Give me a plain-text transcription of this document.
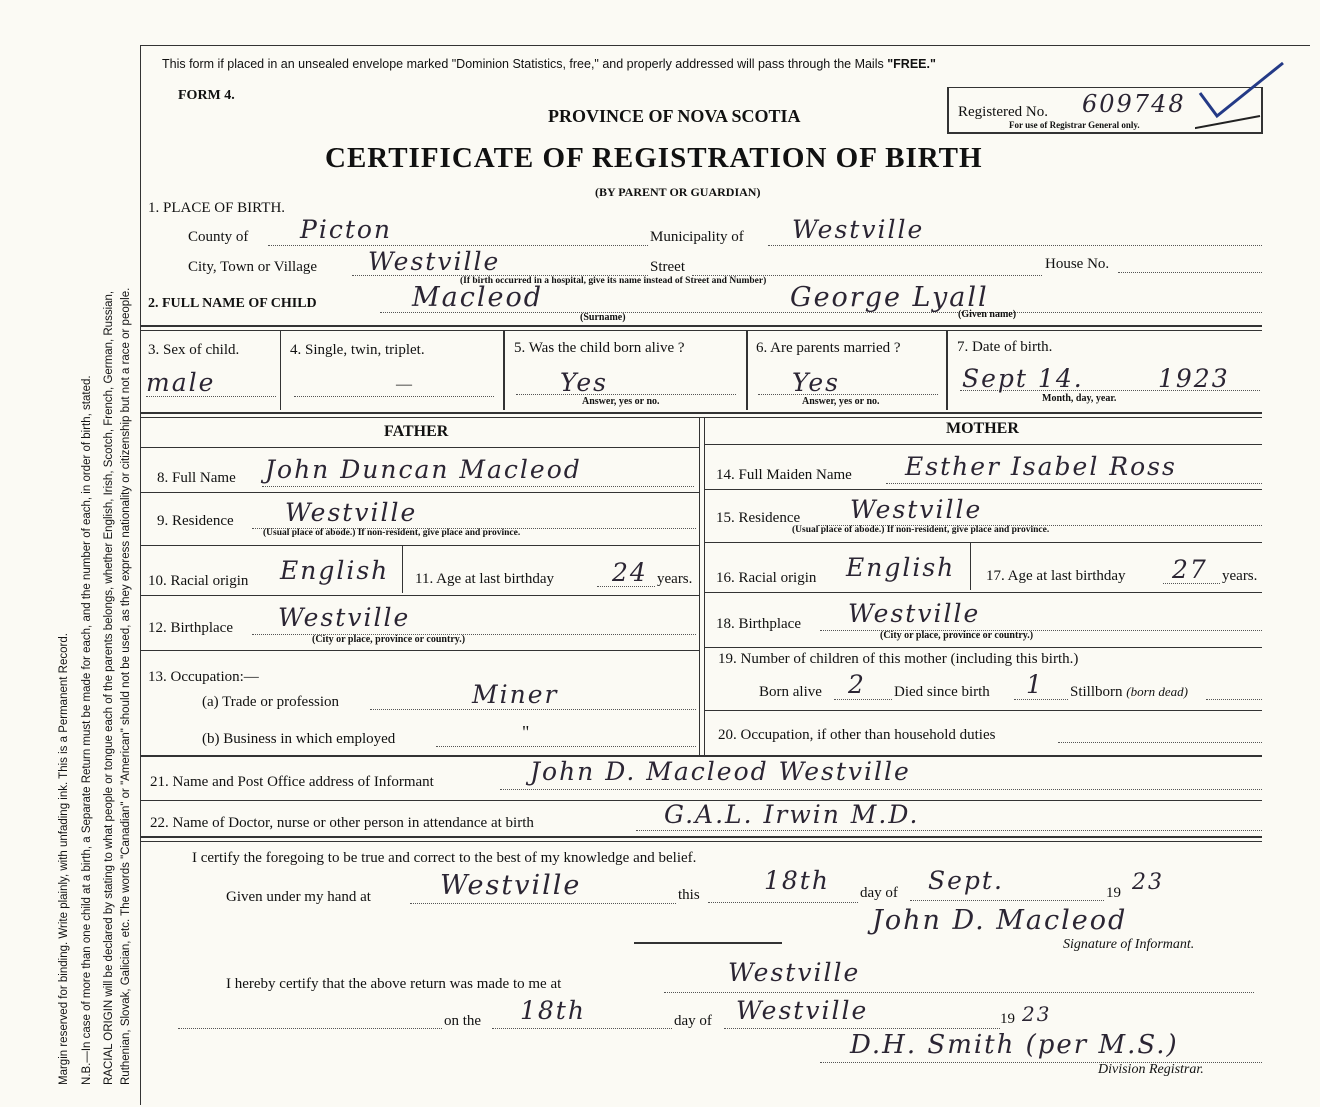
Margin reserved for binding. Write plainly, with unfading ink. This is a Permanent Record. N.B.—In case of more than one child at a birth, a Separate Return must be made for each, and the number of each, in order of birth, stated. RACIAL ORIGIN will be declared by stating to what people or tongue each of the parents belongs, whether English, Irish, Scotch, French, German, Russian, Ruthenian, Slovak, Galician, etc. The words "Canadian" or "American" should not be used, as they express nationality or citizenship but not a race or people.
This form if placed in an unsealed envelope marked "Dominion Statistics, free," and properly addressed will pass through the Mails "FREE."
FORM 4.
PROVINCE OF NOVA SCOTIA
CERTIFICATE OF REGISTRATION OF BIRTH
(BY PARENT OR GUARDIAN)
Registered No. 609748
For use of Registrar General only.
1. PLACE OF BIRTH.
County of Picton	Municipality of Westville
City, Town or Village Westville	Street	House No.
(If birth occurred in a hospital, give its name instead of Street and Number)
2. FULL NAME OF CHILD	Macleod	George Lyall
(Surname)	(Given name)
3. Sex of child.
male
4. Single, twin, triplet.
—
5. Was the child born alive ?
Yes
Answer, yes or no.
6. Are parents married ?
Yes
Answer, yes or no.
7. Date of birth.
Sept 14.	1923
Month, day, year.
FATHER	MOTHER
8. Full Name John Duncan Macleod	14. Full Maiden Name Esther Isabel Ross
9. Residence Westville
(Usual place of abode.) If non-resident, give place and province.
15. Residence Westville
(Usual place of abode.) If non-resident, give place and province.
10. Racial origin English 11. Age at last birthday 24 years. 16. Racial origin English 17. Age at last birthday 27 years.
12. Birthplace Westville
(City or place, province or country.)
18. Birthplace Westville
(City or place, province or country.)
13. Occupation:—
(a) Trade or profession	Miner
(b) Business in which employed	"
19. Number of children of this mother (including this birth.)
Born alive 2 Died since birth 1 Stillborn (born dead)
20. Occupation, if other than household duties
21. Name and Post Office address of Informant	John D. Macleod Westville
22. Name of Doctor, nurse or other person in attendance at birth	G.A.L. Irwin M.D.
I certify the foregoing to be true and correct to the best of my knowledge and belief.
Given under my hand at	Westville	this	18th day of Sept.	19 23
John D. Macleod
Signature of Informant.
I hereby certify that the above return was made to me at	Westville
on the 18th	day of Westville	19 23
D.H. Smith (per M.S.)
Division Registrar.
